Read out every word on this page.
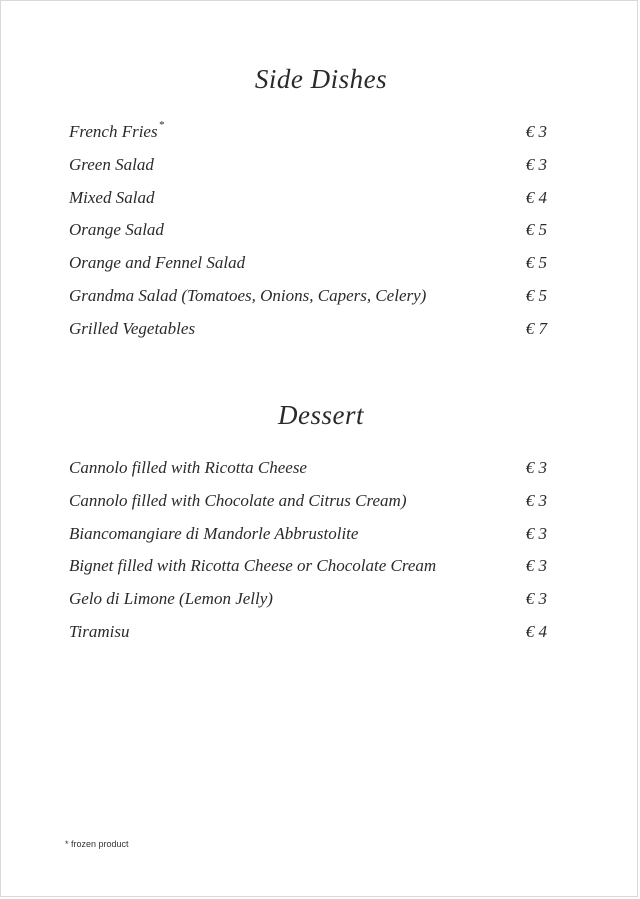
Side Dishes
French Fries*	€ 3
Green Salad	€ 3
Mixed Salad	€ 4
Orange Salad	€ 5
Orange and Fennel Salad	€ 5
Grandma Salad (Tomatoes, Onions, Capers, Celery)	€ 5
Grilled Vegetables	€ 7
Dessert
Cannolo filled with Ricotta Cheese	€ 3
Cannolo filled with Chocolate and Citrus Cream)	€ 3
Biancomangiare di Mandorle Abbrustolite	€ 3
Bignet filled with Ricotta Cheese or Chocolate Cream	€ 3
Gelo di Limone (Lemon Jelly)	€ 3
Tiramisu	€ 4
* frozen product
